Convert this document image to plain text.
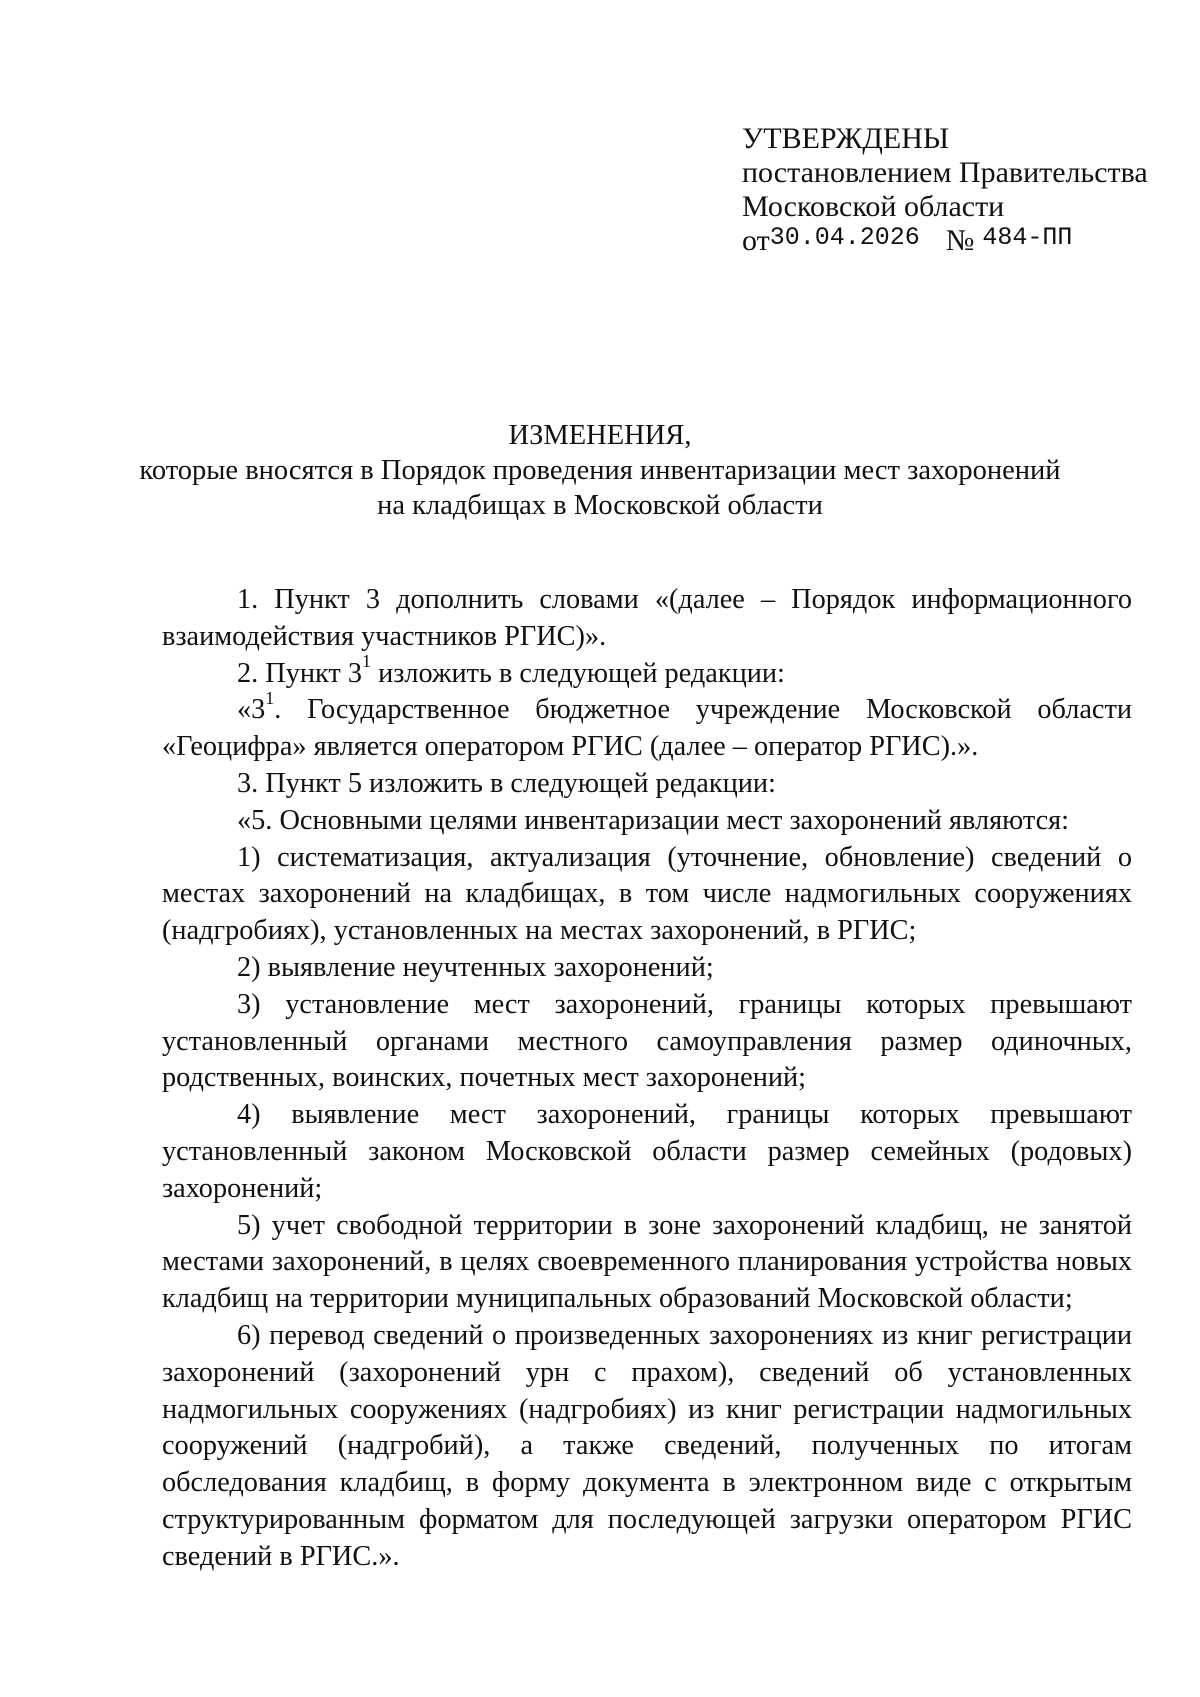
УТВЕРЖДЕНЫ
постановлением Правительства
Московской области
от 30.04.2026 № 484-ПП
ИЗМЕНЕНИЯ,
которые вносятся в Порядок проведения инвентаризации мест захоронений
на кладбищах в Московской области

1. Пункт 3 дополнить словами «(далее – Порядок информационного взаимодействия участников РГИС)».

2. Пункт $3^1$ изложить в следующей редакции:

«$3^1$. Государственное бюджетное учреждение Московской области «Геоцифра» является оператором РГИС (далее – оператор РГИС).».

3. Пункт 5 изложить в следующей редакции:

«5. Основными целями инвентаризации мест захоронений являются:

1) систематизация, актуализация (уточнение, обновление) сведений о местах захоронений на кладбищах, в том числе надмогильных сооружениях (надгробиях), установленных на местах захоронений, в РГИС;

2) выявление неучтенных захоронений;

3) установление мест захоронений, границы которых превышают установленный органами местного самоуправления размер одиночных, родственных, воинских, почетных мест захоронений;

4) выявление мест захоронений, границы которых превышают установленный законом Московской области размер семейных (родовых) захоронений;

5) учет свободной территории в зоне захоронений кладбищ, не занятой местами захоронений, в целях своевременного планирования устройства новых кладбищ на территории муниципальных образований Московской области;

6) перевод сведений о произведенных захоронениях из книг регистрации захоронений (захоронений урн с прахом), сведений об установленных надмогильных сооружениях (надгробиях) из книг регистрации надмогильных сооружений (надгробий), а также сведений, полученных по итогам обследования кладбищ, в форму документа в электронном виде с открытым структурированным форматом для последующей загрузки оператором РГИС сведений в РГИС.».
